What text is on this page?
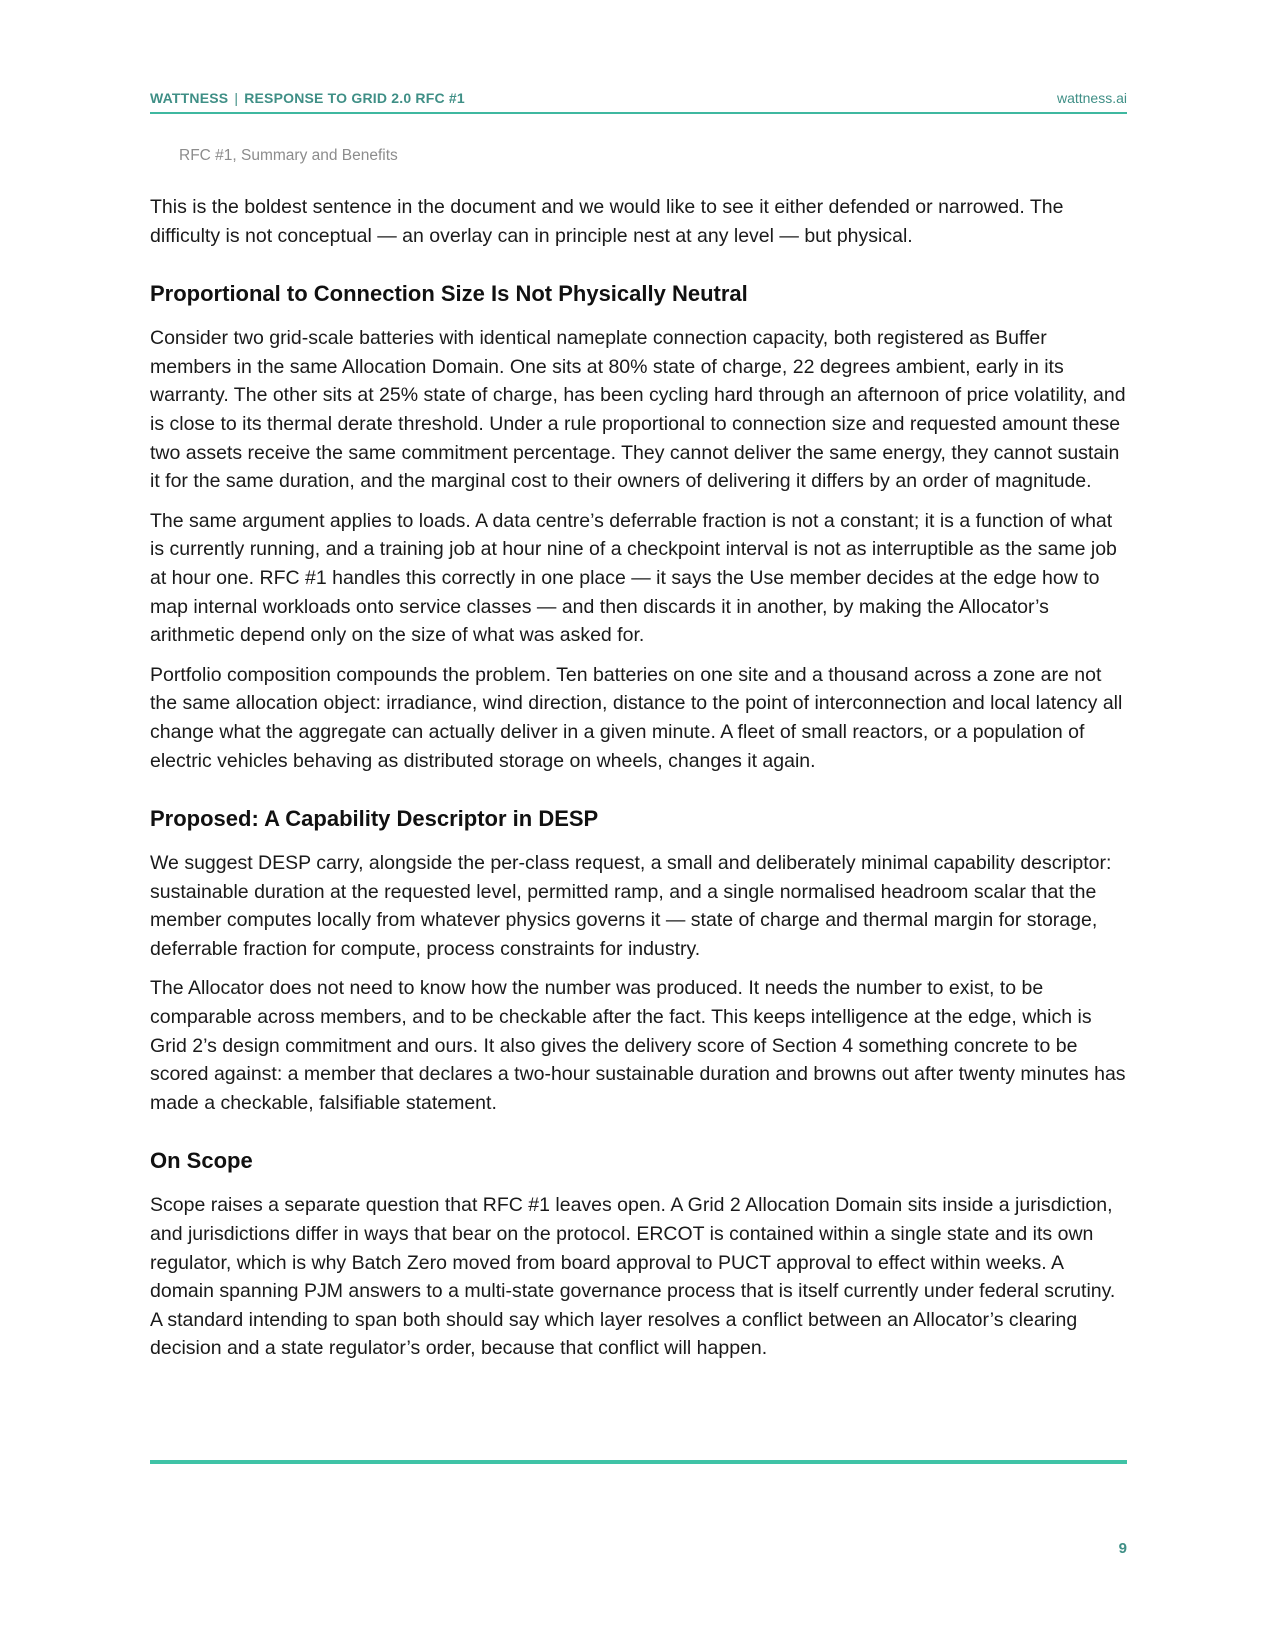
WATTNESS | RESPONSE TO GRID 2.0 RFC #1	wattness.ai
RFC #1, Summary and Benefits

This is the boldest sentence in the document and we would like to see it either defended or narrowed. The difficulty is not conceptual — an overlay can in principle nest at any level — but physical.

Proportional to Connection Size Is Not Physically Neutral

Consider two grid-scale batteries with identical nameplate connection capacity, both registered as Buffer members in the same Allocation Domain. One sits at 80% state of charge, 22 degrees ambient, early in its warranty. The other sits at 25% state of charge, has been cycling hard through an afternoon of price volatility, and is close to its thermal derate threshold. Under a rule proportional to connection size and requested amount these two assets receive the same commitment percentage. They cannot deliver the same energy, they cannot sustain it for the same duration, and the marginal cost to their owners of delivering it differs by an order of magnitude.

The same argument applies to loads. A data centre’s deferrable fraction is not a constant; it is a function of what is currently running, and a training job at hour nine of a checkpoint interval is not as interruptible as the same job at hour one. RFC #1 handles this correctly in one place — it says the Use member decides at the edge how to map internal workloads onto service classes — and then discards it in another, by making the Allocator’s arithmetic depend only on the size of what was asked for.

Portfolio composition compounds the problem. Ten batteries on one site and a thousand across a zone are not the same allocation object: irradiance, wind direction, distance to the point of interconnection and local latency all change what the aggregate can actually deliver in a given minute. A fleet of small reactors, or a population of electric vehicles behaving as distributed storage on wheels, changes it again.

Proposed: A Capability Descriptor in DESP

We suggest DESP carry, alongside the per-class request, a small and deliberately minimal capability descriptor: sustainable duration at the requested level, permitted ramp, and a single normalised headroom scalar that the member computes locally from whatever physics governs it — state of charge and thermal margin for storage, deferrable fraction for compute, process constraints for industry.

The Allocator does not need to know how the number was produced. It needs the number to exist, to be comparable across members, and to be checkable after the fact. This keeps intelligence at the edge, which is Grid 2’s design commitment and ours. It also gives the delivery score of Section 4 something concrete to be scored against: a member that declares a two-hour sustainable duration and browns out after twenty minutes has made a checkable, falsifiable statement.

On Scope

Scope raises a separate question that RFC #1 leaves open. A Grid 2 Allocation Domain sits inside a jurisdiction, and jurisdictions differ in ways that bear on the protocol. ERCOT is contained within a single state and its own regulator, which is why Batch Zero moved from board approval to PUCT approval to effect within weeks. A domain spanning PJM answers to a multi-state governance process that is itself currently under federal scrutiny. A standard intending to span both should say which layer resolves a conflict between an Allocator’s clearing decision and a state regulator’s order, because that conflict will happen.

9
